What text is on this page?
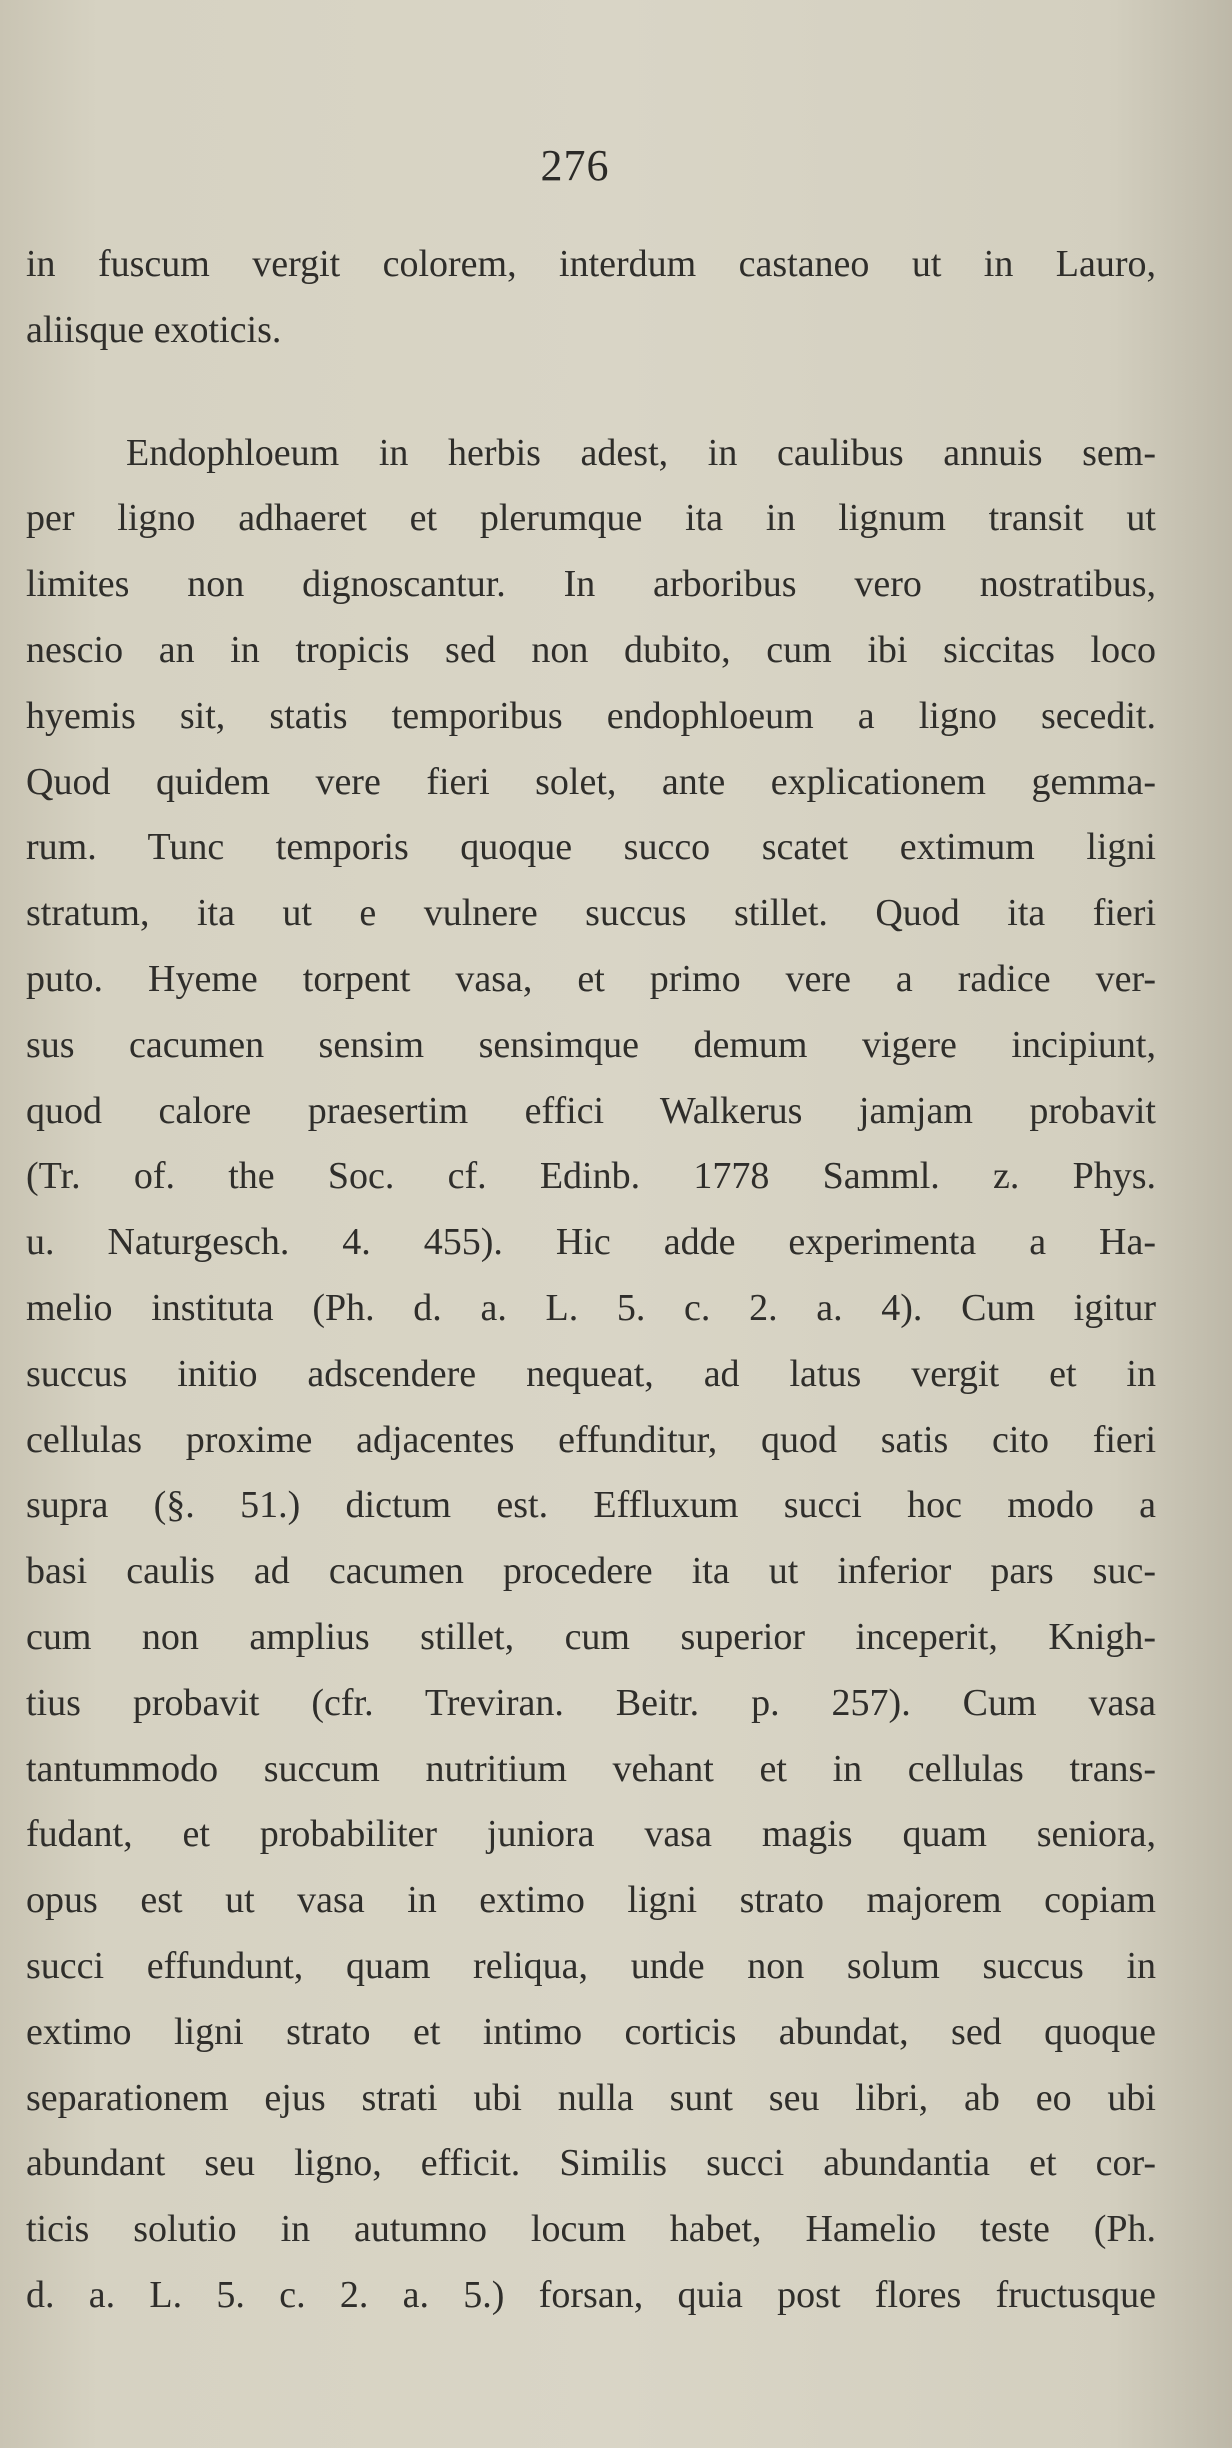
276
in fuscum vergit colorem, interdum castaneo ut in Lauro,
aliisque exoticis.
Endophloeum in herbis adest, in caulibus annuis sem-
per ligno adhaeret et plerumque ita in lignum transit ut
limites non dignoscantur. In arboribus vero nostratibus,
nescio an in tropicis sed non dubito, cum ibi siccitas loco
hyemis sit, statis temporibus endophloeum a ligno secedit.
Quod quidem vere fieri solet, ante explicationem gemma-
rum. Tunc temporis quoque succo scatet extimum ligni
stratum, ita ut e vulnere succus stillet. Quod ita fieri
puto. Hyeme torpent vasa, et primo vere a radice ver-
sus cacumen sensim sensimque demum vigere incipiunt,
quod calore praesertim effici Walkerus jamjam probavit
(Tr. of. the Soc. cf. Edinb. 1778 Samml. z. Phys.
u. Naturgesch. 4. 455). Hic adde experimenta a Ha-
melio instituta (Ph. d. a. L. 5. c. 2. a. 4). Cum igitur
succus initio adscendere nequeat, ad latus vergit et in
cellulas proxime adjacentes effunditur, quod satis cito fieri
supra (§. 51.) dictum est. Effluxum succi hoc modo a
basi caulis ad cacumen procedere ita ut inferior pars suc-
cum non amplius stillet, cum superior inceperit, Knigh-
tius probavit (cfr. Treviran. Beitr. p. 257). Cum vasa
tantummodo succum nutritium vehant et in cellulas trans-
fudant, et probabiliter juniora vasa magis quam seniora,
opus est ut vasa in extimo ligni strato majorem copiam
succi effundunt, quam reliqua, unde non solum succus in
extimo ligni strato et intimo corticis abundat, sed quoque
separationem ejus strati ubi nulla sunt seu libri, ab eo ubi
abundant seu ligno, efficit. Similis succi abundantia et cor-
ticis solutio in autumno locum habet, Hamelio teste (Ph.
d. a. L. 5. c. 2. a. 5.) forsan, quia post flores fructusque
